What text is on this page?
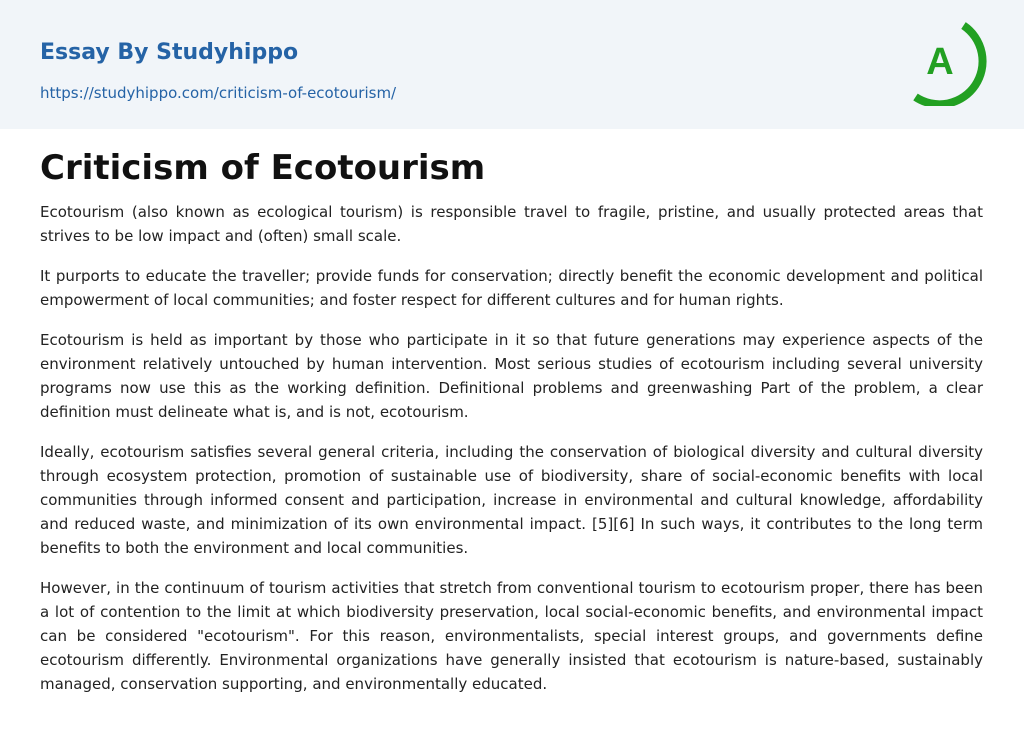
Essay By Studyhippo
https://studyhippo.com/criticism-of-ecotourism/
A
Criticism of Ecotourism

Ecotourism (also known as ecological tourism) is responsible travel to fragile, pristine, and usually protected areas that strives to be low impact and (often) small scale.

It purports to educate the traveller; provide funds for conservation; directly benefit the economic development and political empowerment of local communities; and foster respect for different cultures and for human rights.

Ecotourism is held as important by those who participate in it so that future generations may experience aspects of the environment relatively untouched by human intervention. Most serious studies of ecotourism including several university programs now use this as the working definition. Definitional problems and greenwashing Part of the problem, a clear definition must delineate what is, and is not, ecotourism.

Ideally, ecotourism satisfies several general criteria, including the conservation of biological diversity and cultural diversity through ecosystem protection, promotion of sustainable use of biodiversity, share of social-economic benefits with local communities through informed consent and participation, increase in environmental and cultural knowledge, affordability and reduced waste, and minimization of its own environmental impact. [5][6] In such ways, it contributes to the long term benefits to both the environment and local communities.

However, in the continuum of tourism activities that stretch from conventional tourism to ecotourism proper, there has been a lot of contention to the limit at which biodiversity preservation, local social-economic benefits, and environmental impact can be considered "ecotourism". For this reason, environmentalists, special interest groups, and governments define ecotourism differently. Environmental organizations have generally insisted that ecotourism is nature-based, sustainably managed, conservation supporting, and environmentally educated.
